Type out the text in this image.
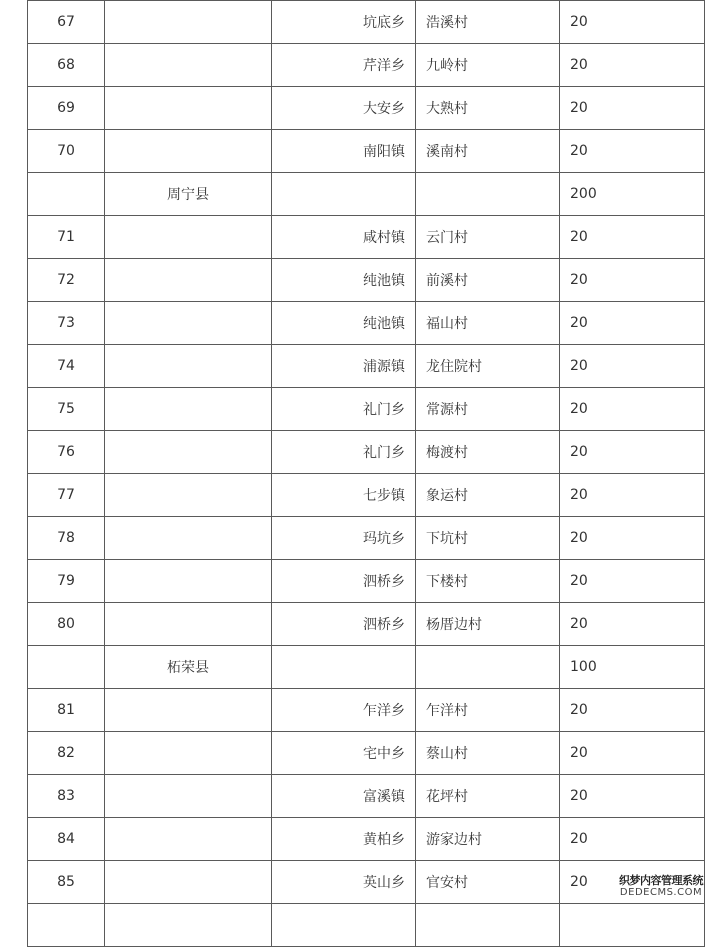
67		坑底乡	浩溪村	20
68		芹洋乡	九岭村	20
69		大安乡	大熟村	20
70		南阳镇	溪南村	20
	周宁县			200
71		咸村镇	云门村	20
72		纯池镇	前溪村	20
73		纯池镇	福山村	20
74		浦源镇	龙住院村	20
75		礼门乡	常源村	20
76		礼门乡	梅渡村	20
77		七步镇	象运村	20
78		玛坑乡	下坑村	20
79		泗桥乡	下楼村	20
80		泗桥乡	杨厝边村	20
	柘荣县			100
81		乍洋乡	乍洋村	20
82		宅中乡	蔡山村	20
83		富溪镇	花坪村	20
84		黄柏乡	游家边村	20
85		英山乡	官安村	20
					织梦内容管理系统
DEDECMS.COM
